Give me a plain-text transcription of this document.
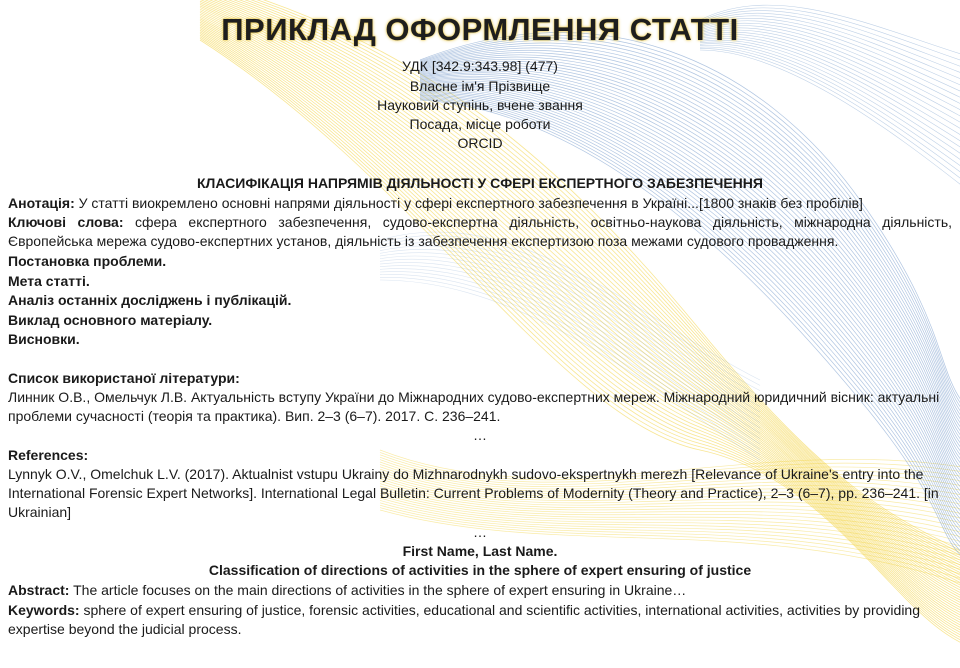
ПРИКЛАД ОФОРМЛЕННЯ СТАТТІ
УДК [342.9:343.98] (477)
Власне ім'я Прізвище
Науковий ступінь, вчене звання
Посада, місце роботи
ORCID
КЛАСИФІКАЦІЯ НАПРЯМІВ ДІЯЛЬНОСТІ У СФЕРІ ЕКСПЕРТНОГО ЗАБЕЗПЕЧЕННЯ
Анотація: У статті виокремлено основні напрями діяльності у сфері експертного забезпечення в Україні...[1800 знаків без пробілів]
Ключові слова: сфера експертного забезпечення, судово-експертна діяльність, освітньо-наукова діяльність, міжнародна діяльність, Європейська мережа судово-експертних установ, діяльність із забезпечення експертизою поза межами судового провадження.
Постановка проблеми.
Мета статті.
Аналіз останніх досліджень і публікацій.
Виклад основного матеріалу.
Висновки.
Список використаної літератури:
Линник О.В., Омельчук Л.В. Актуальність вступу України до Міжнародних судово-експертних мереж. Міжнародний юридичний вісник: актуальні проблеми сучасності (теорія та практика). Вип. 2–3 (6–7). 2017. С. 236–241.
…
References:
Lynnyk O.V., Omelchuk L.V. (2017). Aktualnist vstupu Ukrainy do Mizhnarodnykh sudovo-ekspertnykh merezh [Relevance of Ukraine's entry into the International Forensic Expert Networks]. International Legal Bulletin: Current Problems of Modernity (Theory and Practice), 2–3 (6–7), pp. 236–241. [in Ukrainian]
…
First Name, Last Name.
Classification of directions of activities in the sphere of expert ensuring of justice
Abstract: The article focuses on the main directions of activities in the sphere of expert ensuring in Ukraine…
Keywords: sphere of expert ensuring of justice, forensic activities, educational and scientific activities, international activities, activities by providing expertise beyond the judicial process.
